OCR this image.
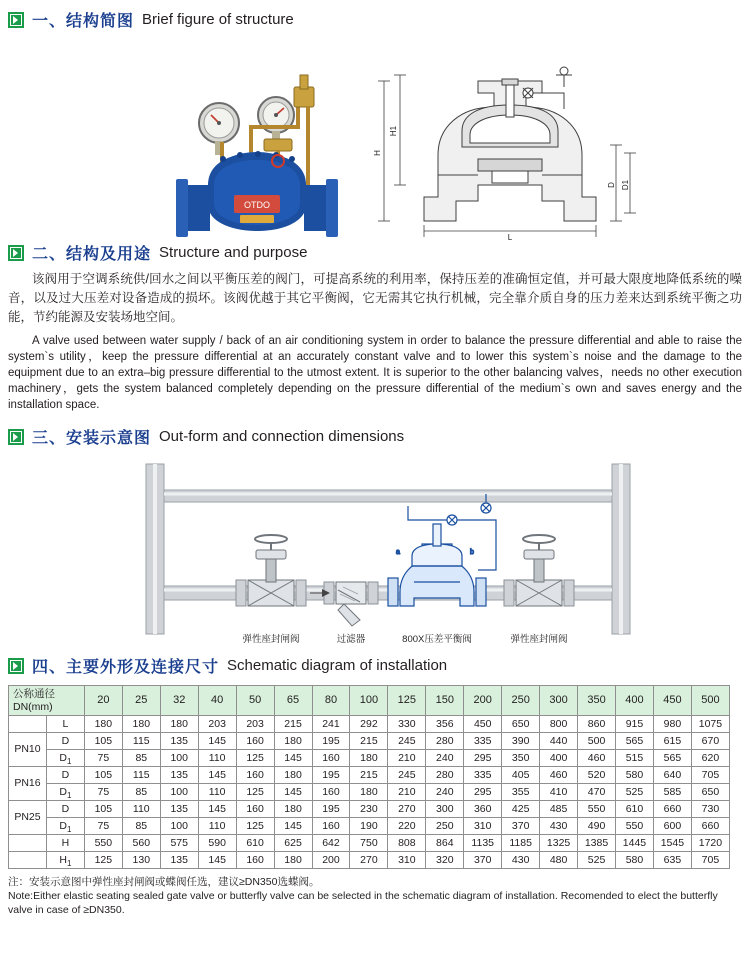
一、结构简图 Brief figure of structure
OTDO
H1
H
L
D D1
二、结构及用途 Structure and purpose

该阀用于空调系统供/回水之间以平衡压差的阀门，可提高系统的利用率，保持压差的准确恒定值，并可最大限度地降低系统的噪音，以及过大压差对设备造成的损坏。该阀优越于其它平衡阀，它无需其它执行机械，完全靠介质自身的压力差来达到系统平衡之功能，节约能源及安装场地空间。

A valve used between water supply / back of an air conditioning system in order to balance the pressure differential and able to raise the system`s utility，keep the pressure differential at an accurately constant valve and to lower this system`s noise and the damage to the equipment due to an extra–big pressure differential to the utmost extent. It is superior to the other balancing valves，needs no other execution machinery，gets the system balanced completely depending on the pressure differential of the medium`s own and saves energy and the installation space.

三、安装示意图 Out-form and connection dimensions
a	b
弹性座封闸阀	过滤器	800X压差平衡阀	弹性座封闸阀
四、主要外形及连接尺寸 Schematic diagram of installation
公称通径
DN(mm)		20	25	32	40	50	65	80	100	125	150	200	250	300	350	400	450	500
	L	180	180	180	203	203	215	241	292	330	356	450	650	800	860	915	980	1075
PN10	D	105	115	135	145	160	180	195	215	245	280	335	390	440	500	565	615	670
	$D_1$	75	85	100	110	125	145	160	180	210	240	295	350	400	460	515	565	620
PN16	D	105	115	135	145	160	180	195	215	245	280	335	405	460	520	580	640	705
	$D_1$	75	85	100	110	125	145	160	180	210	240	295	355	410	470	525	585	650
PN25	D	105	110	135	145	160	180	195	230	270	300	360	425	485	550	610	660	730
	$D_1$	75	85	100	110	125	145	160	190	220	250	310	370	430	490	550	600	660
	H	550	560	575	590	610	625	642	750	808	864	1135	1185	1325	1385	1445	1545	1720
	$H_1$	125	130	135	145	160	180	200	270	310	320	370	430	480	525	580	635	705
注：安装示意图中弹性座封闸阀或蝶阀任选，建议≥DN350选蝶阀。
Note:Either elastic seating sealed gate valve or butterfly valve can be selected in the schematic diagram of installation. Recomended to elect the butterfly valve in case of ≥DN350.
